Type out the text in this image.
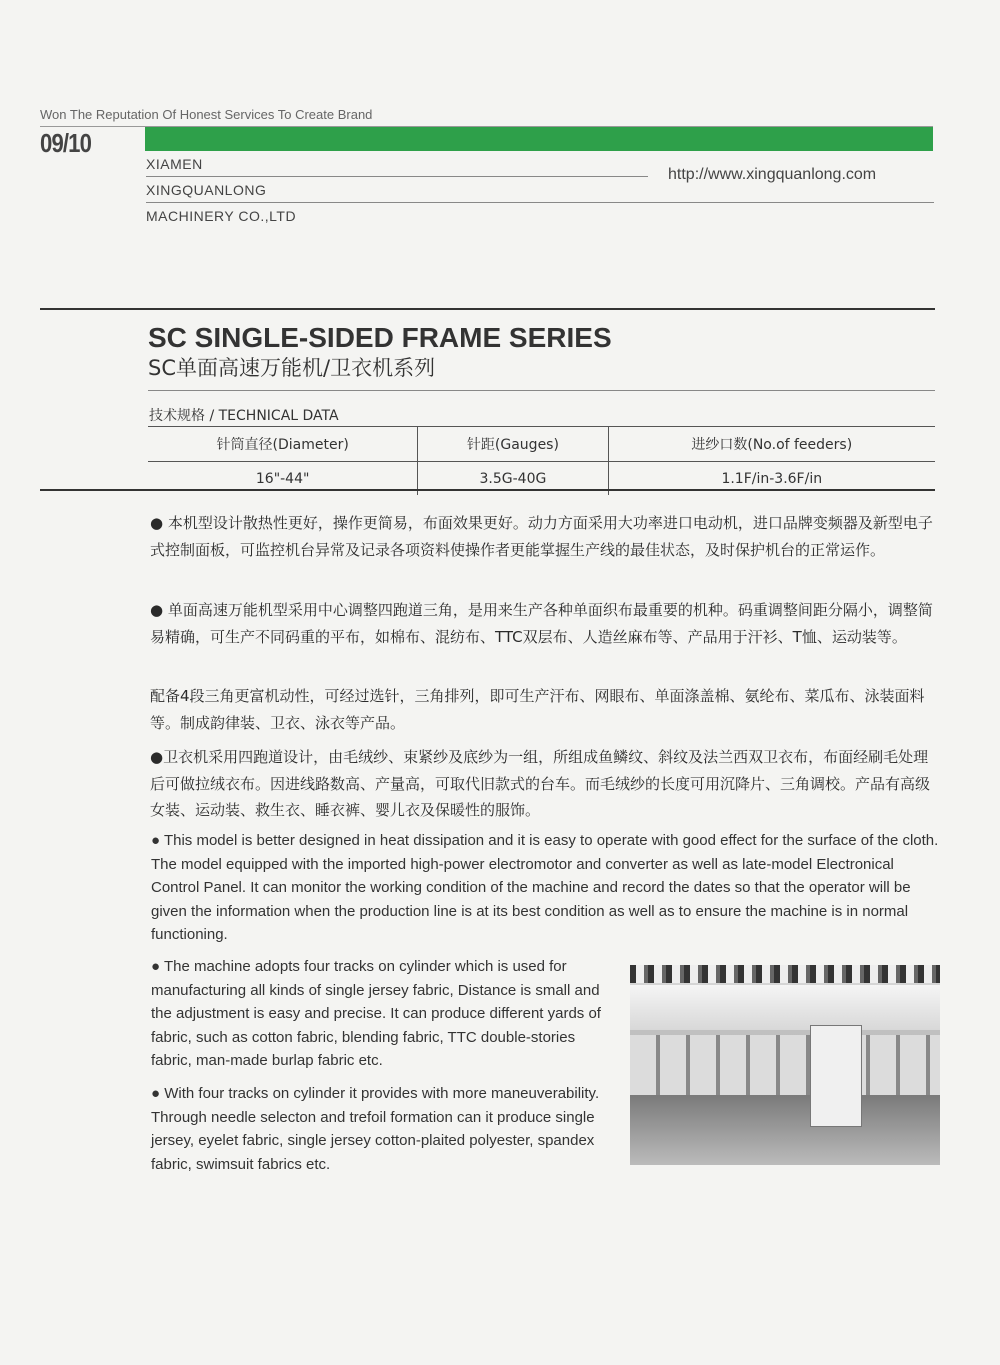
Won The Reputation Of Honest Services To Create Brand
09/10
XIAMEN
XINGQUANLONG
MACHINERY CO.,LTD
http://www.xingquanlong.com
SC SINGLE-SIDED FRAME SERIES
SC单面高速万能机/卫衣机系列
技术规格 / TECHNICAL DATA
针筒直径(Diameter)	针距(Gauges)	进纱口数(No.of feeders)
16"-44"	3.5G-40G	1.1F/in-3.6F/in
● 本机型设计散热性更好，操作更简易，布面效果更好。动力方面采用大功率进口电动机，进口品牌变频器及新型电子式控制面板，可监控机台异常及记录各项资料使操作者更能掌握生产线的最佳状态，及时保护机台的正常运作。
● 单面高速万能机型采用中心调整四跑道三角，是用来生产各种单面织布最重要的机种。码重调整间距分隔小，调整简易精确，可生产不同码重的平布，如棉布、混纺布、TTC双层布、人造丝麻布等、产品用于汗衫、T恤、运动装等。
配备4段三角更富机动性，可经过选针，三角排列，即可生产汗布、网眼布、单面涤盖棉、氨纶布、菜瓜布、泳装面料等。制成韵律装、卫衣、泳衣等产品。
●卫衣机采用四跑道设计，由毛绒纱、束紧纱及底纱为一组，所组成鱼鳞纹、斜纹及法兰西双卫衣布，布面经刷毛处理后可做拉绒衣布。因进线路数高、产量高，可取代旧款式的台车。而毛绒纱的长度可用沉降片、三角调校。产品有高级女装、运动装、救生衣、睡衣裤、婴儿衣及保暖性的服饰。
● This model is better designed in heat dissipation and it is easy to operate with good effect for the surface of the cloth. The model equipped with the imported high-power electromotor and converter as well as late-model Electronical Control Panel. It can monitor the working condition of the machine and record the dates so that the operator will be given the information when the production line is at its best condition as well as to ensure the machine is in normal functioning.
● The machine adopts four tracks on cylinder which is used for manufacturing all kinds of single jersey fabric, Distance is small and the adjustment is easy and precise. It can produce different yards of fabric, such as cotton fabric, blending fabric, TTC double-stories fabric, man-made burlap fabric etc.
● With four tracks on cylinder it provides with more maneuverability. Through needle selecton and trefoil formation can it produce single jersey, eyelet fabric, single jersey cotton-plaited polyester, spandex fabric, swimsuit fabrics etc.
